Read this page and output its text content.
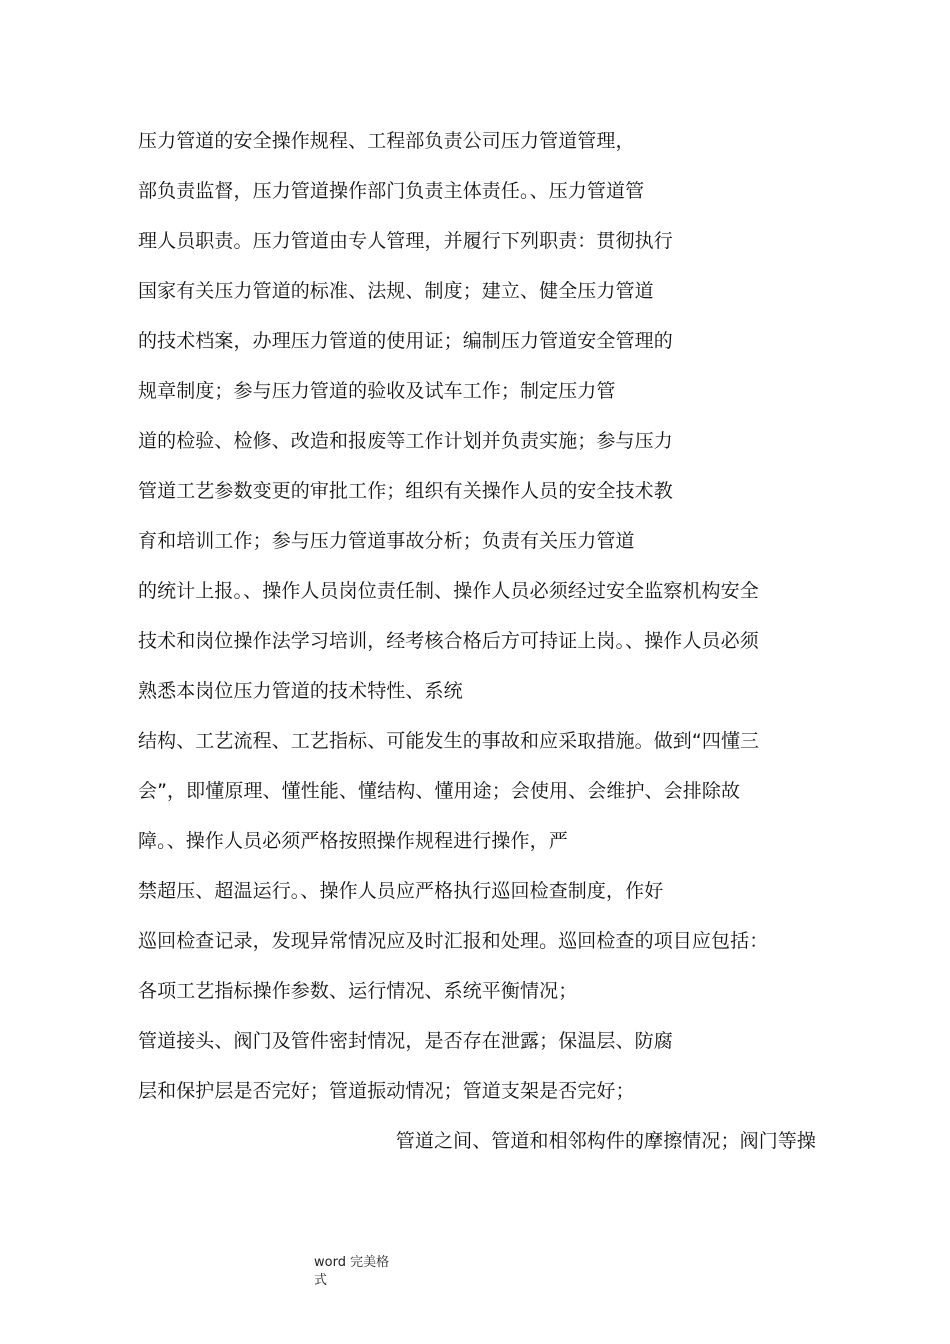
压力管道的安全操作规程、工程部负责公司压力管道管理，
部负责监督，压力管道操作部门负责主体责任。、压力管道管
理人员职责。压力管道由专人管理，并履行下列职责：贯彻执行
国家有关压力管道的标准、法规、制度；建立、健全压力管道
的技术档案，办理压力管道的使用证；编制压力管道安全管理的
规章制度；参与压力管道的验收及试车工作；制定压力管
道的检验、检修、改造和报废等工作计划并负责实施；参与压力
管道工艺参数变更的审批工作；组织有关操作人员的安全技术教
育和培训工作；参与压力管道事故分析；负责有关压力管道
的统计上报。、操作人员岗位责任制、操作人员必须经过安全监察机构安全
技术和岗位操作法学习培训，经考核合格后方可持证上岗。、操作人员必须
熟悉本岗位压力管道的技术特性、系统
结构、工艺流程、工艺指标、可能发生的事故和应采取措施。做到“四懂三
会”，即懂原理、懂性能、懂结构、懂用途；会使用、会维护、会排除故
障。、操作人员必须严格按照操作规程进行操作，严
禁超压、超温运行。、操作人员应严格执行巡回检查制度，作好
巡回检查记录，发现异常情况应及时汇报和处理。巡回检查的项目应包括：
各项工艺指标操作参数、运行情况、系统平衡情况；
管道接头、阀门及管件密封情况，是否存在泄露；保温层、防腐
层和保护层是否完好；管道振动情况；管道支架是否完好；
管道之间、管道和相邻构件的摩擦情况；阀门等操
word 完美格
式
